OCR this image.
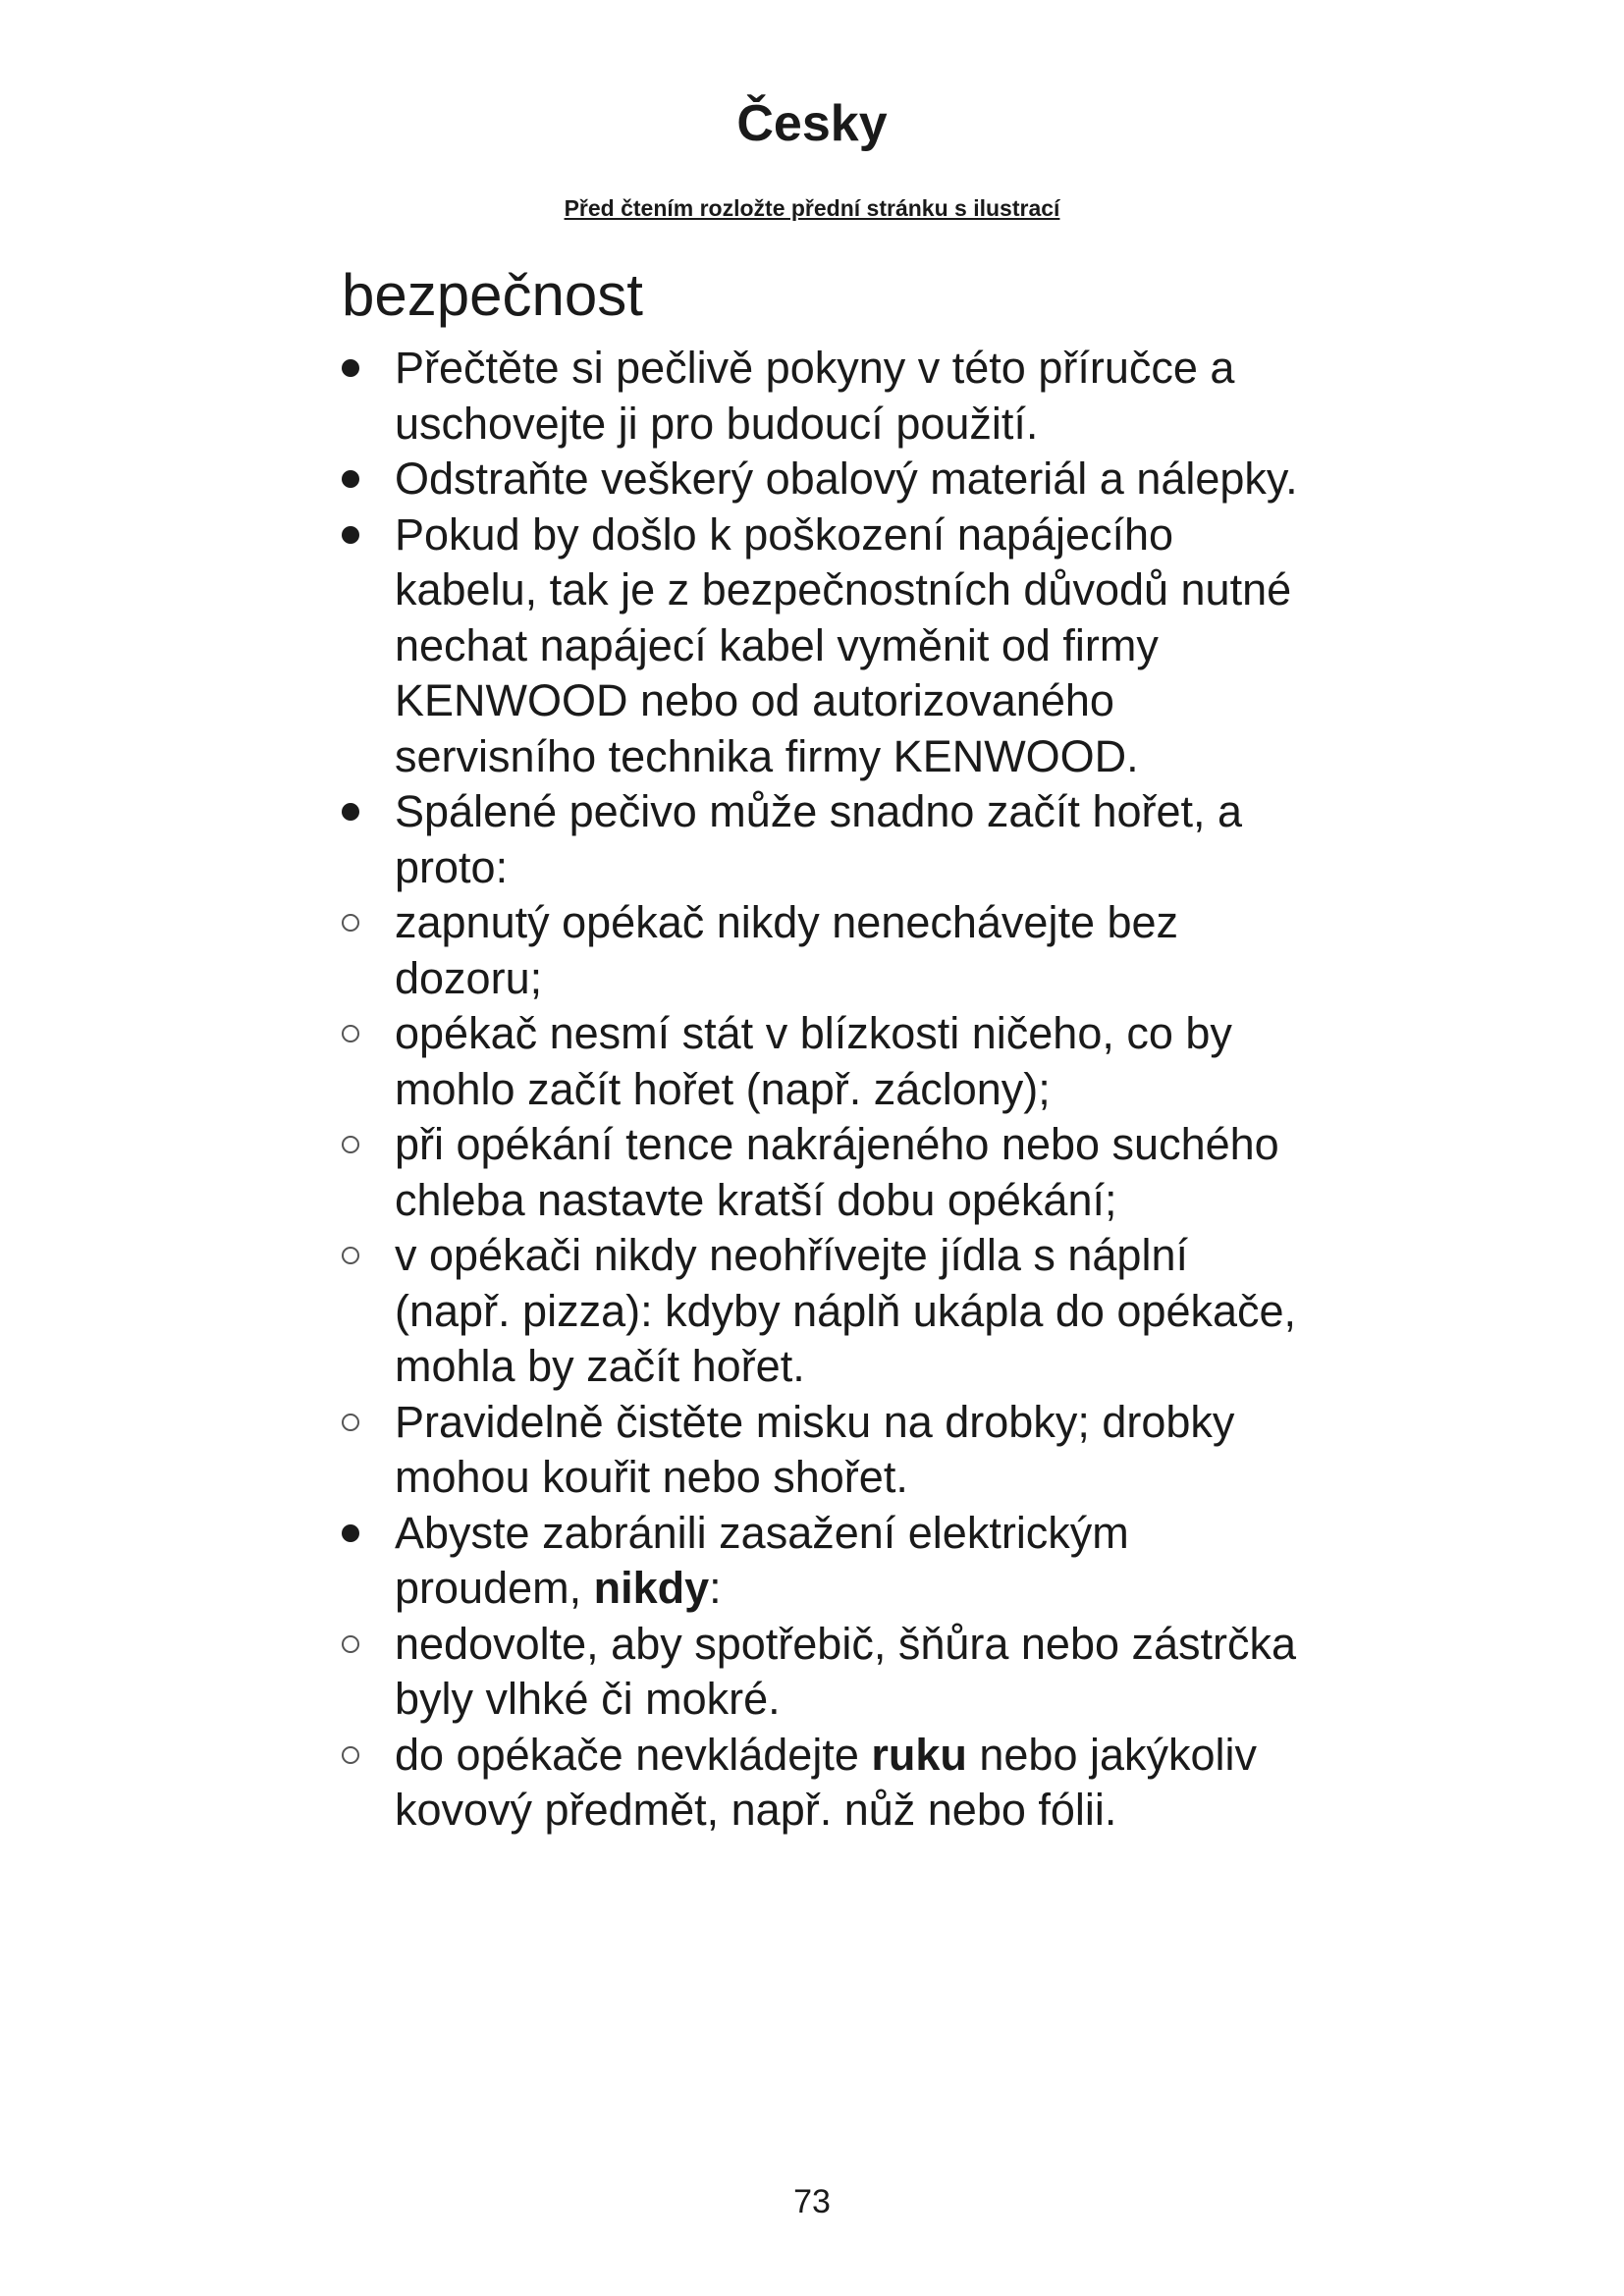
Česky
Před čtením rozložte přední stránku s ilustrací
bezpečnost
Přečtěte si pečlivě pokyny v této příručce a uschovejte ji pro budoucí použití.
Odstraňte veškerý obalový materiál a nálepky.
Pokud by došlo k poškození napájecího kabelu, tak je z bezpečnostních důvodů nutné nechat napájecí kabel vyměnit od firmy KENWOOD nebo od autorizovaného servisního technika firmy KENWOOD.
Spálené pečivo může snadno začít hořet, a proto:
zapnutý opékač nikdy nenechávejte bez dozoru;
opékač nesmí stát v blízkosti ničeho, co by mohlo začít hořet (např. záclony);
při opékání tence nakrájeného nebo suchého chleba nastavte kratší dobu opékání;
v opékači nikdy neohřívejte jídla s náplní (např. pizza): kdyby náplň ukápla do opékače, mohla by začít hořet.
Pravidelně čistěte misku na drobky; drobky mohou kouřit nebo shořet.
Abyste zabránili zasažení elektrickým proudem, nikdy:
nedovolte, aby spotřebič, šňůra nebo zástrčka byly vlhké či mokré.
do opékače nevkládejte ruku nebo jakýkoliv kovový předmět, např. nůž nebo fólii.
73
